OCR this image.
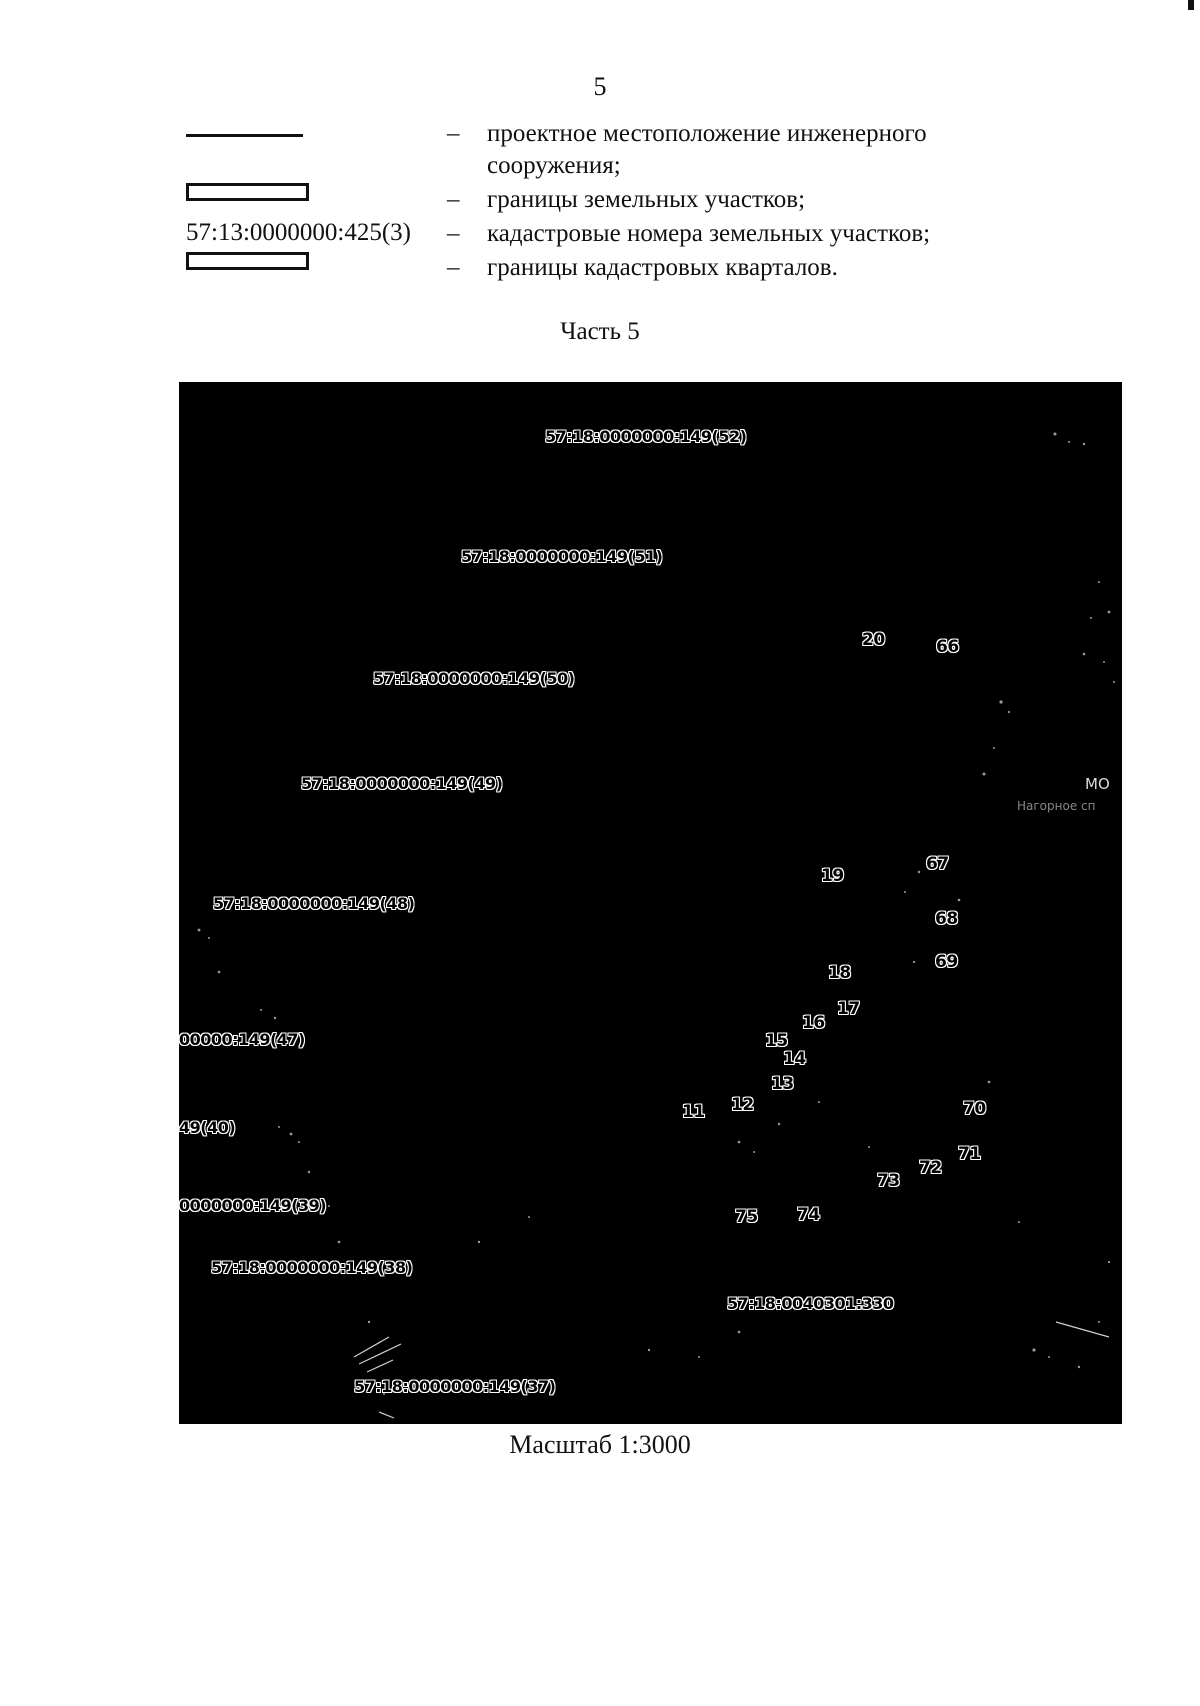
5
57:13:0000000:425(3)
– проектное местоположение инженерного
сооружения;
– границы земельных участков;
– кадастровые номера земельных участков;
– границы кадастровых кварталов.
Часть 5
57:18:0000000:149(52)
57:18:0000000:149(51)
57:18:0000000:149(50)
57:18:0000000:149(49)
57:18:0000000:149(48)
00000:149(47)
49(40)
0000000:149(39)
57:18:0000000:149(38)
57:18:0040301:330
57:18:0000000:149(37)
20	66
67
19
68
69
18
17
16
15
14
13
12
11	70
71
72
73
74
75
МО
Нагорное сп
Масштаб 1:3000
